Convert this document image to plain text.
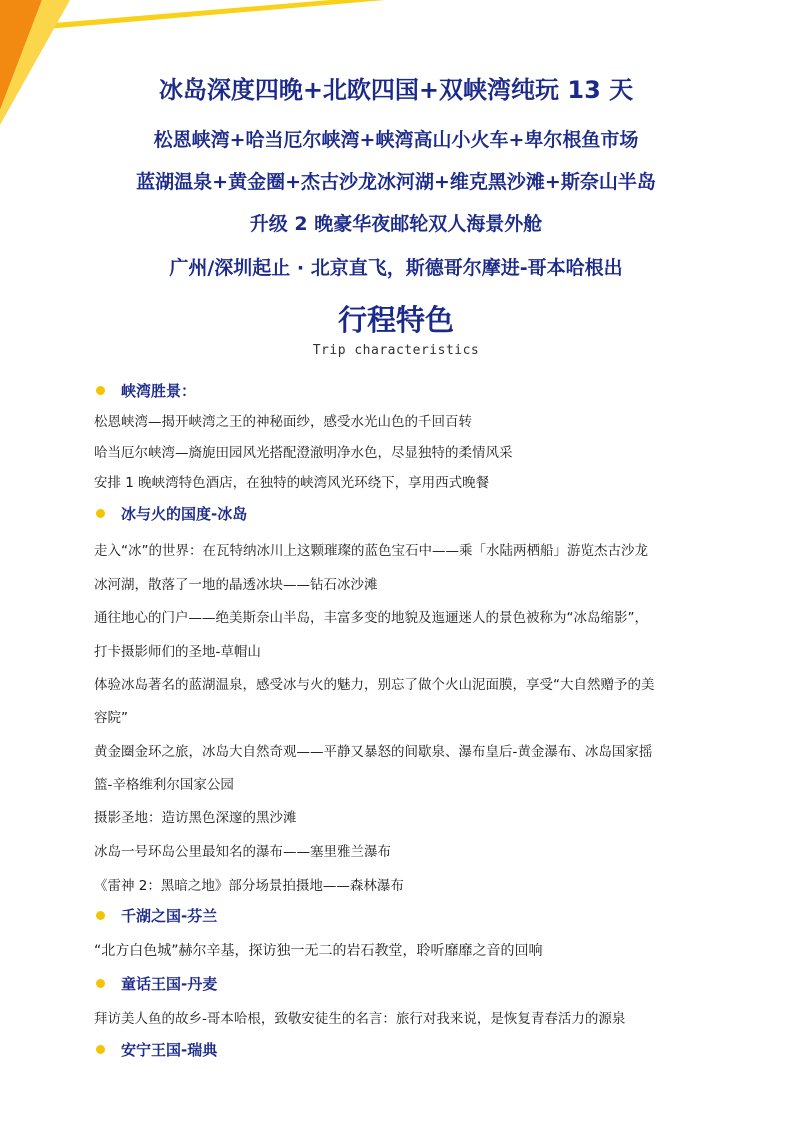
冰岛深度四晚+北欧四国+双峡湾纯玩 13 天
松恩峡湾+哈当厄尔峡湾+峡湾高山小火车+卑尔根鱼市场
蓝湖温泉+黄金圈+杰古沙龙冰河湖+维克黑沙滩+斯奈山半岛
升级 2 晚豪华夜邮轮双人海景外舱
广州/深圳起止 · 北京直飞，斯德哥尔摩进-哥本哈根出
行程特色
Trip characteristics
峡湾胜景：
松恩峡湾—揭开峡湾之王的神秘面纱，感受水光山色的千回百转
哈当厄尔峡湾—旖旎田园风光搭配澄澈明净水色，尽显独特的柔情风采
安排 1 晚峡湾特色酒店，在独特的峡湾风光环绕下，享用西式晚餐
冰与火的国度-冰岛
走入“冰”的世界：在瓦特纳冰川上这颗璀璨的蓝色宝石中——乘「水陆两栖船」游览杰古沙龙
冰河湖，散落了一地的晶透冰块——钻石冰沙滩
通往地心的门户——绝美斯奈山半岛，丰富多变的地貌及迤逦迷人的景色被称为“冰岛缩影”，
打卡摄影师们的圣地-草帽山
体验冰岛著名的蓝湖温泉，感受冰与火的魅力，别忘了做个火山泥面膜，享受“大自然赠予的美
容院”
黄金圈金环之旅，冰岛大自然奇观——平静又暴怒的间歇泉、瀑布皇后-黄金瀑布、冰岛国家摇
篮-辛格维利尔国家公园
摄影圣地：造访黑色深邃的黑沙滩
冰岛一号环岛公里最知名的瀑布——塞里雅兰瀑布
《雷神 2：黑暗之地》部分场景拍摄地——森林瀑布
千湖之国-芬兰
“北方白色城”赫尔辛基，探访独一无二的岩石教堂，聆听靡靡之音的回响
童话王国-丹麦
拜访美人鱼的故乡-哥本哈根，致敬安徒生的名言：旅行对我来说，是恢复青春活力的源泉
安宁王国-瑞典
